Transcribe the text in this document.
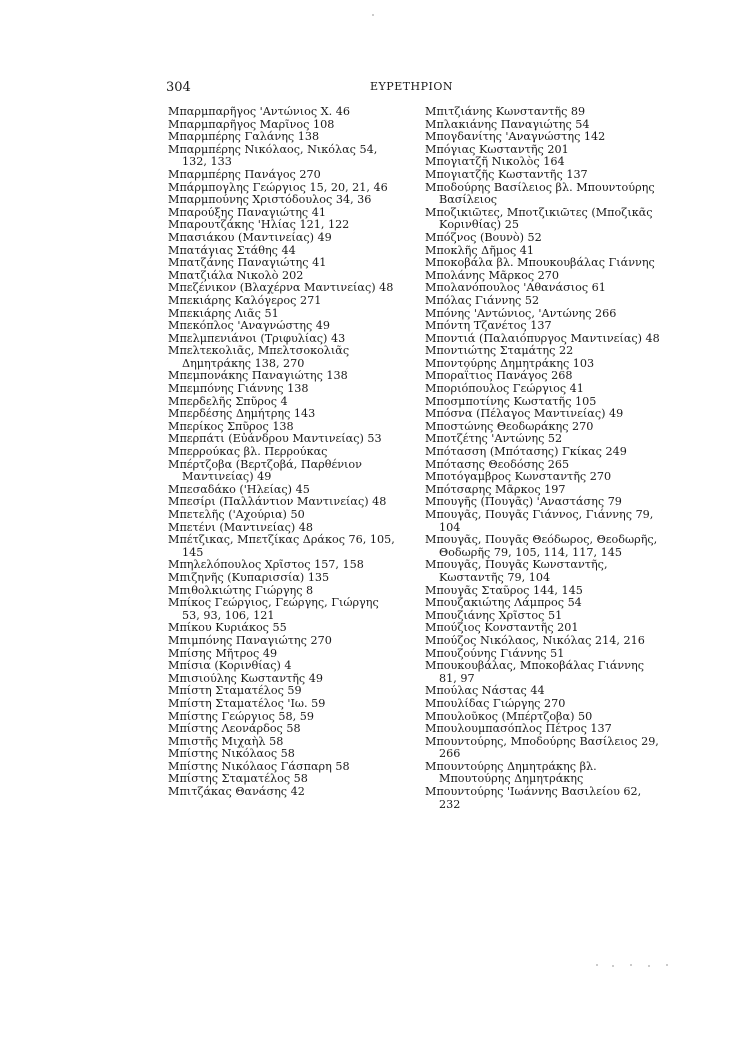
304	ΕΥΡΕΤΗΡΙΟΝ
Μπαρμπαρῆγος 'Αντώνιος Χ. 46
Μπαρμπαρῆγος Μαρῖνος 108
Μπαρμπέρης Γαλάνης 138
Μπαρμπέρης Νικόλαος, Νικόλας 54, 132, 133
Μπαρμπέρης Πανάγος 270
Μπάρμπογλης Γεώργιος 15, 20, 21, 46
Μπαρμπούνης Χριστόδουλος 34, 36
Μπαρούξης Παναγιώτης 41
Μπαρουτζάκης 'Ηλίας 121, 122
Μπασιάκου (Μαντινείας) 49
Μπατάγιας Στάθης 44
Μπατζάνης Παναγιώτης 41
Μπατζιάλα Νικολὸ 202
Μπεζένικον (Βλαχέρνα Μαντινείας) 48
Μπεκιάρης Καλόγερος 271
Μπεκιάρης Λιᾶς 51
Μπεκόπλος 'Αναγνώστης 49
Μπελμπενιάνοι (Τριφυλίας) 43
Μπελτεκολιᾶς, Μπελτσοκολιᾶς Δημητράκης 138, 270
Μπεμπονάκης Παναγιώτης 138
Μπεμπόνης Γιάννης 138
Μπερδελῆς Σπῦρος 4
Μπερδέσης Δημήτρης 143
Μπερίκος Σπῦρος 138
Μπερπάτι (Εὐάνδρου Μαντινείας) 53
Μπερρούκας βλ. Περρούκας
Μπέρτζοβα (Βερτζοβά, Παρθένιον Μαντινείας) 49
Μπεσαδάκο ('Ηλείας) 45
Μπεσίρι (Παλλάντιον Μαντινείας) 48
Μπετελῆς ('Αχούρια) 50
Μπετένι (Μαντινείας) 48
Μπέτζικας, Μπετζίκας Δράκος 76, 105, 145
Μπηλελόπουλος Χρῖστος 157, 158
Μπιζηνῆς (Κυπαρισσία) 135
Μπιθολκιώτης Γιώργης 8
Μπίκος Γεώργιος, Γεώργης, Γιώργης 53, 93, 106, 121
Μπίκου Κυριάκος 55
Μπιμπόνης Παναγιώτης 270
Μπίσης Μῆτρος 49
Μπίσια (Κορινθίας) 4
Μπισιούλης Κωσταντῆς 49
Μπίστη Σταματέλος 59
Μπίστη Σταματέλος 'Ιω. 59
Μπίστης Γεώργιος 58, 59
Μπίστης Λεονάρδος 58
Μπιστῆς Μιχαὴλ 58
Μπίστης Νικόλαος 58
Μπίστης Νικόλαος Γάσπαρη 58
Μπίστης Σταματέλος 58
Μπιτζάκας Θανάσης 42
Μπιτζιάνης Κωνσταντῆς 89
Μπλακιάνης Παναγιώτης 54
Μπογδανίτης 'Αναγνώστης 142
Μπόγιας Κωσταντῆς 201
Μπογιατζῆ Νικολὸς 164
Μπογιατζῆς Κωσταντῆς 137
Μποδούρης Βασίλειος βλ. Μπουντούρης Βασίλειος
Μποζικιῶτες, Μποτζικιῶτες (Μποζικᾶς Κορινθίας) 25
Μπόζνος (Βουνὸ) 52
Μποκλῆς Δῆμος 41
Μποκοβάλα βλ. Μπουκουβάλας Γιάννης
Μπολάνης Μᾶρκος 270
Μπολανόπουλος 'Αθανάσιος 61
Μπόλας Γιάννης 52
Μπόνης 'Αντώνιος, 'Αντώνης 266
Μπόντη Τζανέτος 137
Μποντιά (Παλαιόπυργος Μαντινείας) 48
Μποντιώτης Σταμάτης 22
Μποντούρης Δημητράκης 103
Μποραΐτιος Πανάγος 268
Μποριόπουλος Γεώργιος 41
Μποσμποτίνης Κωστατῆς 105
Μπόσνα (Πέλαγος Μαντινείας) 49
Μποστώνης Θεοδωράκης 270
Μποτζέτης 'Αντώνης 52
Μπότασση (Μπότασης) Γκίκας 249
Μπότασης Θεοδόσης 265
Μποτόγαμβρος Κωνσταντῆς 270
Μπότσαρης Μᾶρκος 197
Μπουγῆς (Πουγᾶς) 'Αναστάσης 79
Μπουγᾶς, Πουγᾶς Γιάννος, Γιάννης 79, 104
Μπουγᾶς, Πουγᾶς Θεόδωρος, Θεοδωρῆς, Θοδωρῆς 79, 105, 114, 117, 145
Μπουγᾶς, Πουγᾶς Κωνσταντῆς, Κωσταντῆς 79, 104
Μπουγᾶς Σταῦρος 144, 145
Μπουζακιώτης Λάμπρος 54
Μπουζιάνης Χρῖστος 51
Μπούζιος Κονσταντῆς 201
Μπούζος Νικόλαος, Νικόλας 214, 216
Μπουζούνης Γιάννης 51
Μπουκουβάλας, Μποκοβάλας Γιάννης 81, 97
Μπούλας Νάστας 44
Μπουλίδας Γιώργης 270
Μπουλοῦκος (Μπέρτζοβα) 50
Μπουλουμπασόπλος Πέτρος 137
Μπουντούρης, Μποδούρης Βασίλειος 29, 266
Μπουντούρης Δημητράκης βλ. Μπουτούρης Δημητράκης
Μπουντούρης 'Ιωάννης Βασιλείου 62, 232
